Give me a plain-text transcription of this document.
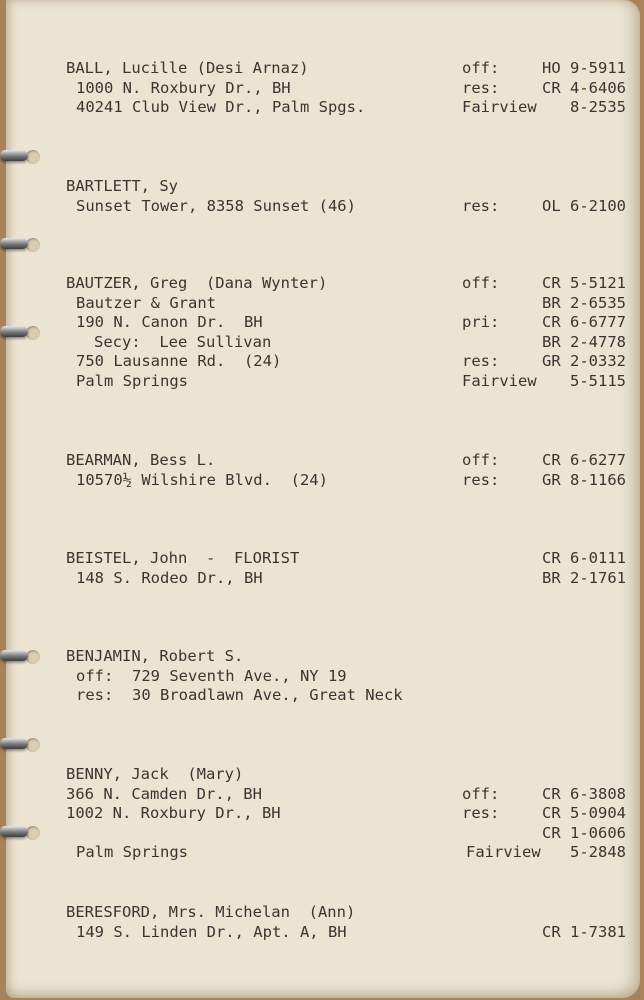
BALL, Lucille (Desi Arnaz)	off:	HO 9-5911
1000 N. Roxbury Dr., BH	res:	CR 4-6406
40241 Club View Dr., Palm Spgs.	Fairview 8-2535
BARTLETT, Sy
Sunset Tower, 8358 Sunset (46)	res:	OL 6-2100
BAUTZER, Greg  (Dana Wynter)	off:	CR 5-5121
Bautzer & Grant	BR 2-6535
190 N. Canon Dr.  BH	pri:	CR 6-6777
Secy:  Lee Sullivan	BR 2-4778
750 Lausanne Rd.  (24)	res:	GR 2-0332
Palm Springs	Fairview 5-5115
BEARMAN, Bess L.	off:	CR 6-6277
10570½ Wilshire Blvd.  (24)	res:	GR 8-1166
BEISTEL, John  -  FLORIST	CR 6-0111
148 S. Rodeo Dr., BH	BR 2-1761
BENJAMIN, Robert S.
off:  729 Seventh Ave., NY 19
res:  30 Broadlawn Ave., Great Neck
BENNY, Jack  (Mary)
366 N. Camden Dr., BH	off:	CR 6-3808
1002 N. Roxbury Dr., BH	res:	CR 5-0904
CR 1-0606
Palm Springs	Fairview 5-2848
BERESFORD, Mrs. Michelan  (Ann)
149 S. Linden Dr., Apt. A, BH	CR 1-7381
